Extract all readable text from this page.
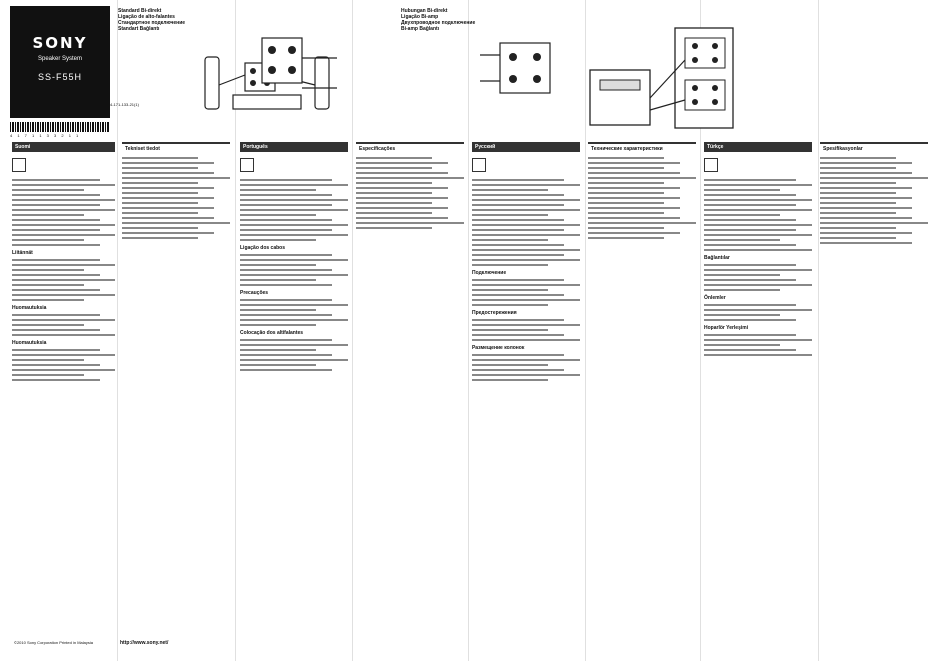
SONY
Speaker System
SS-F55H
4-171-133-21(1)
4 1 7 1 1 3 3 2 1 1
Standard Bi-direkt
Ligação de alto-falantes
Стандартное подключение
Standart Bağlantı
Hubungan Bi-direkt
Ligação Bi-amp
Двухпроводное подключение
Bi-amp Bağlantı
Suomi
Liitännät
Huomautuksia
Huomautuksia
Tekniset tiedot	Português
Ligação dos cabos
Precauções
Colocação dos altifalantes
Especificações	Русский
Подключение
Предостережения
Размещение колонок
Технические характеристики	Türkçe
Bağlantılar
Önlemler
Hoparlör Yerleşimi
Spesifikasyonlar
©2010 Sony Corporation Printed in Malaysia	http://www.sony.net/
